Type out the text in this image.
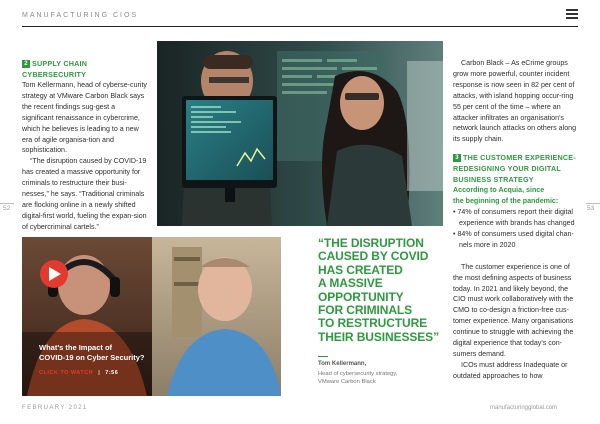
MANUFACTURING CIOS
52	53
2 SUPPLY CHAIN CYBERSECURITY

Tom Kellermann, head of cyberse-curity strategy at VMware Carbon Black says the recent findings sug-gest a significant renaissance in cybercrime, which he believes is leading to a new era of agile organisa-tion and sophistication.

“The disruption caused by COVID-19 has created a massive opportunity for criminals to restructure their busi-nesses,” he says. “Traditional criminals are flocking online in a newly shifted digital-first world, fueling the expan-sion of cybercriminal cartels.”

What's the Impact of
COVID-19 on Cyber Security?
CLICK TO WATCH | 7:56
“THE DISRUPTION
CAUSED BY COVID
HAS CREATED
A MASSIVE
OPPORTUNITY
FOR CRIMINALS
TO RESTRUCTURE
THEIR BUSINESSES”
Tom Kellermann,
Head of cybersecurity strategy,
VMware Carbon Black

Carbon Black – As eCrime groups grow more powerful, counter incident response is now seen in 82 per cent of attacks, with island hopping occur-ring 55 per cent of the time – where an attacker infiltrates an organisation's network launch attacks on others along its supply chain.

3 THE CUSTOMER EXPERIENCE-
REDESIGNING YOUR DIGITAL
BUSINESS STRATEGY
According to Acquia, since
the beginning of the pandemic:
• 74% of consumers report their digital experience with brands has changed
• 84% of consumers used digital chan-nels more in 2020

The customer experience is one of the most defining aspects of business today. In 2021 and likely beyond, the CIO must work collaboratively with the CMO to co-design a friction-free cus-tomer experience. Many organisations continue to struggle with achieving the digital experience that today's con-sumers demand.

ICOs must address Inadequate or outdated approaches to how

FEBRUARY 2021	manufacturingglobal.com
